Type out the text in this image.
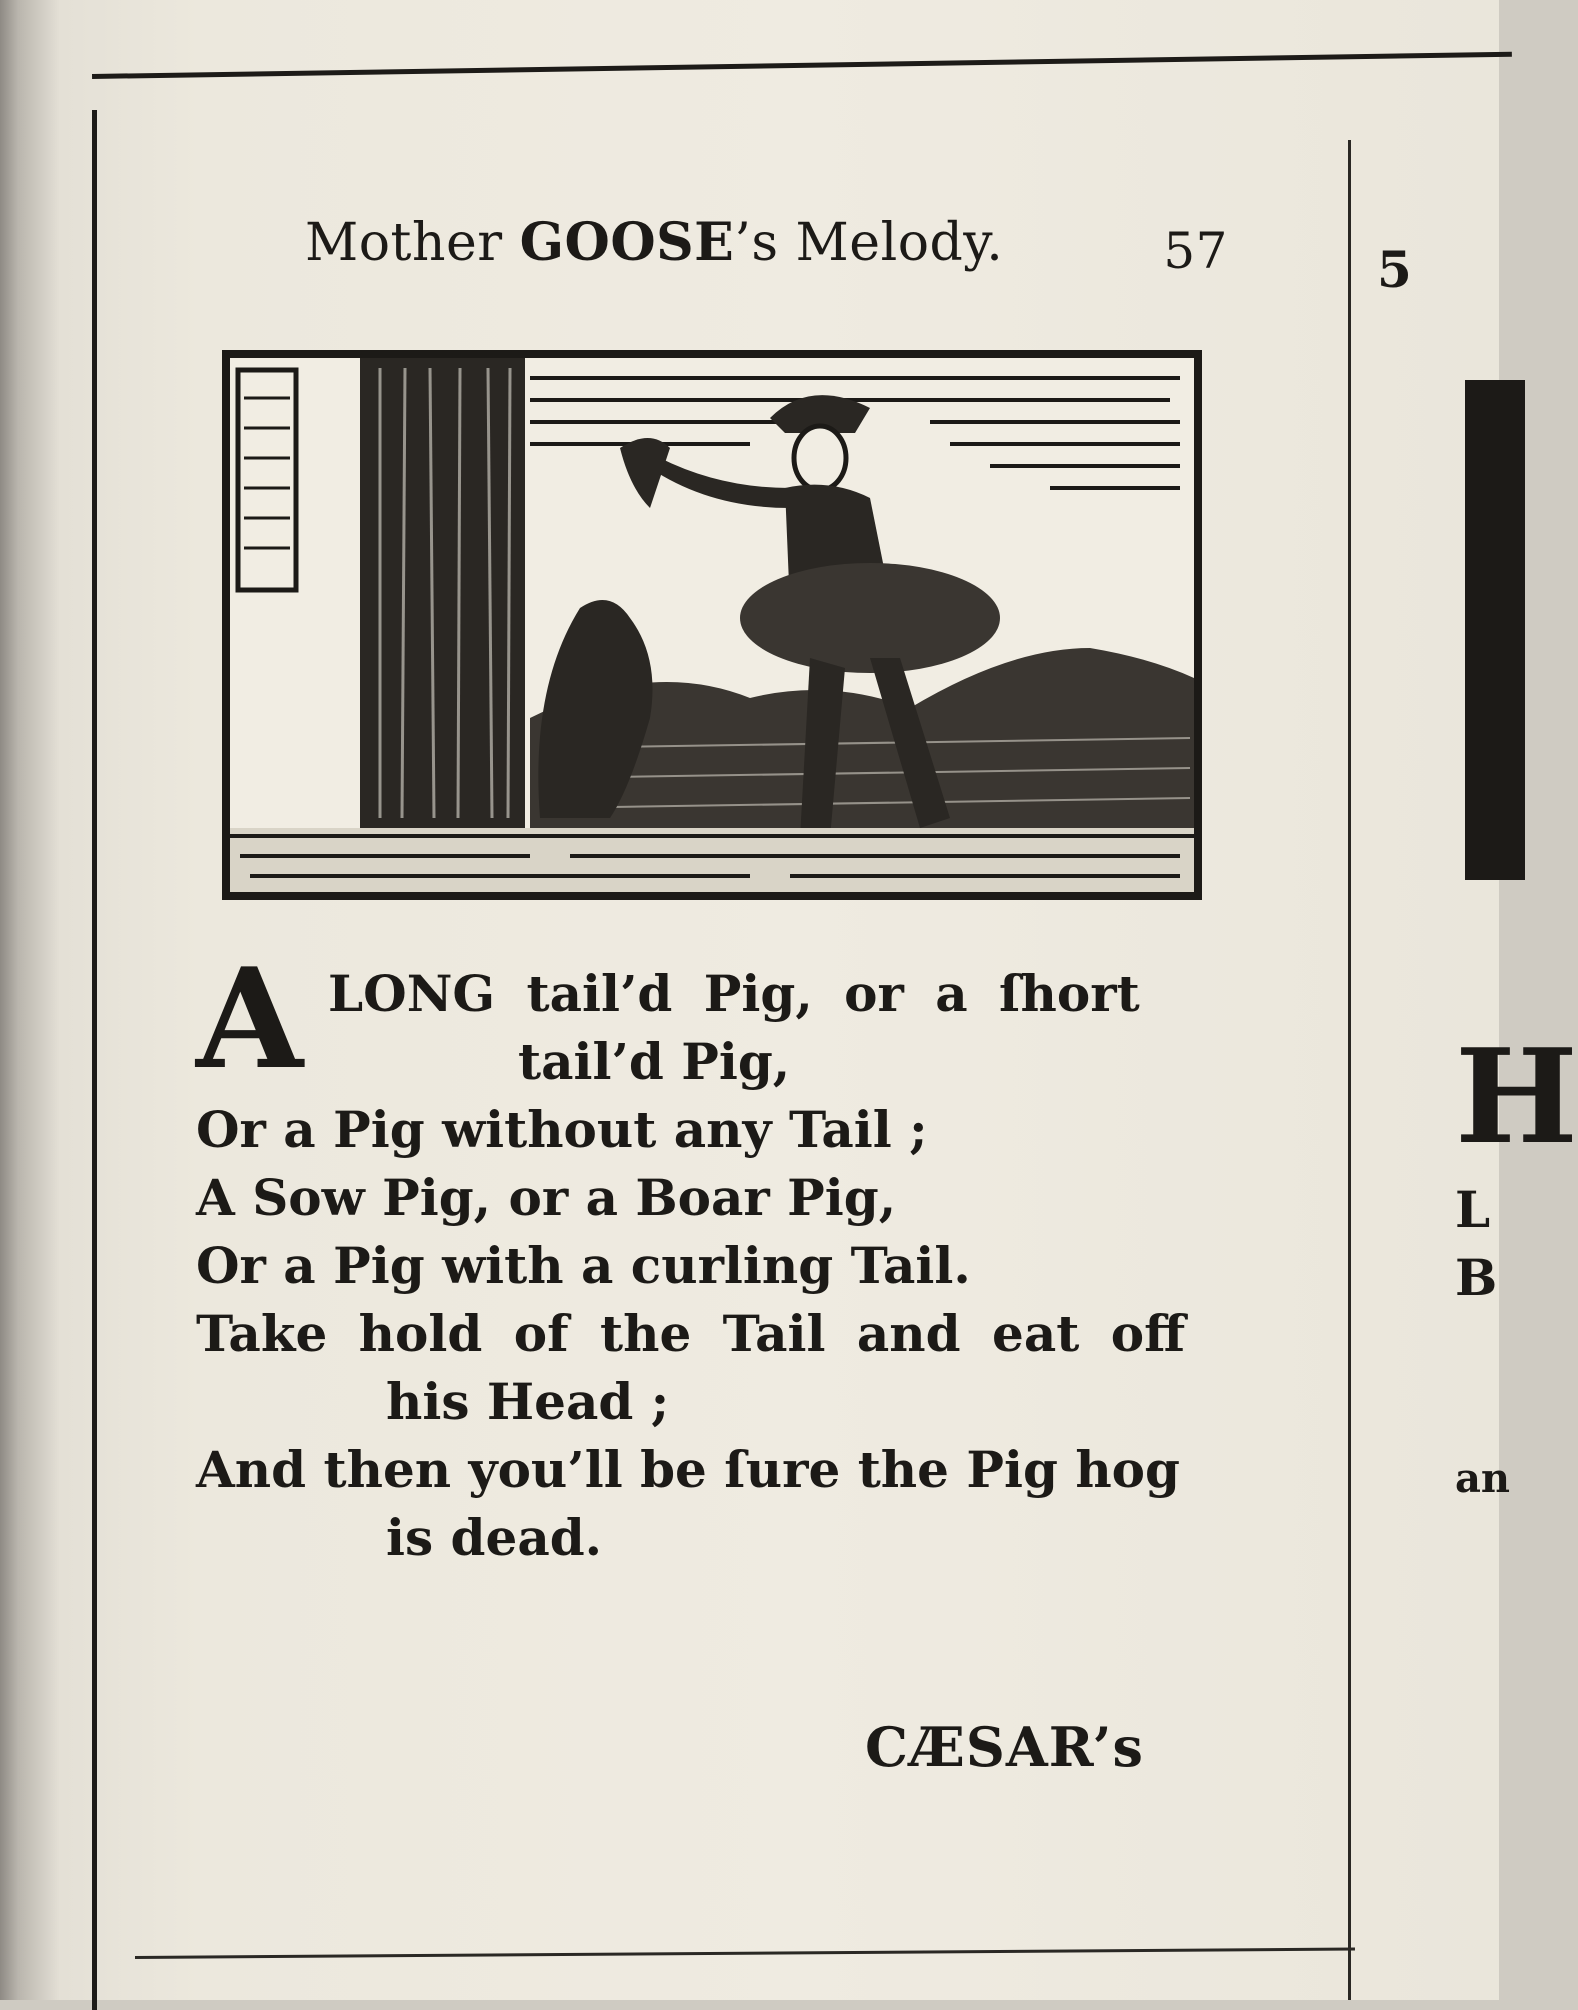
Mother GOOSE’s Melody.	57
A LONG tail’d Pig, or a ſhort
tail’d Pig,
Or a Pig without any Tail ;
A Sow Pig, or a Boar Pig,
Or a Pig with a curling Tail.
Take hold of the Tail and eat off
his Head ;
And then you’ll be ſure the Pig hog
is dead.
CÆSAR’s
5
H
L
B
an
